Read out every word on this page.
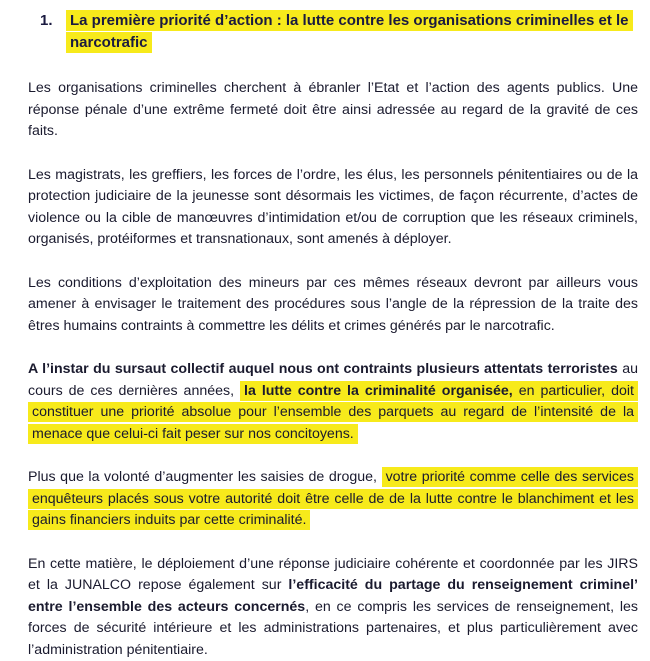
1.	La première priorité d’action : la lutte contre les organisations criminelles et le narcotrafic

Les organisations criminelles cherchent à ébranler l’Etat et l’action des agents publics. Une réponse pénale d’une extrême fermeté doit être ainsi adressée au regard de la gravité de ces faits.

Les magistrats, les greffiers, les forces de l’ordre, les élus, les personnels pénitentiaires ou de la protection judiciaire de la jeunesse sont désormais les victimes, de façon récurrente, d’actes de violence ou la cible de manœuvres d’intimidation et/ou de corruption que les réseaux criminels, organisés, protéiformes et transnationaux, sont amenés à déployer.

Les conditions d’exploitation des mineurs par ces mêmes réseaux devront par ailleurs vous amener à envisager le traitement des procédures sous l’angle de la répression de la traite des êtres humains contraints à commettre les délits et crimes générés par le narcotrafic.

A l’instar du sursaut collectif auquel nous ont contraints plusieurs attentats terroristes au cours de ces dernières années, la lutte contre la criminalité organisée, en particulier, doit constituer une priorité absolue pour l’ensemble des parquets au regard de l’intensité de la menace que celui-ci fait peser sur nos concitoyens.

Plus que la volonté d’augmenter les saisies de drogue, votre priorité comme celle des services enquêteurs placés sous votre autorité doit être celle de de la lutte contre le blanchiment et les gains financiers induits par cette criminalité.

En cette matière, le déploiement d’une réponse judiciaire cohérente et coordonnée par les JIRS et la JUNALCO repose également sur l’efficacité du partage du renseignement criminel’ entre l’ensemble des acteurs concernés, en ce compris les services de renseignement, les forces de sécurité intérieure et les administrations partenaires, et plus particulièrement avec l’administration pénitentiaire.
